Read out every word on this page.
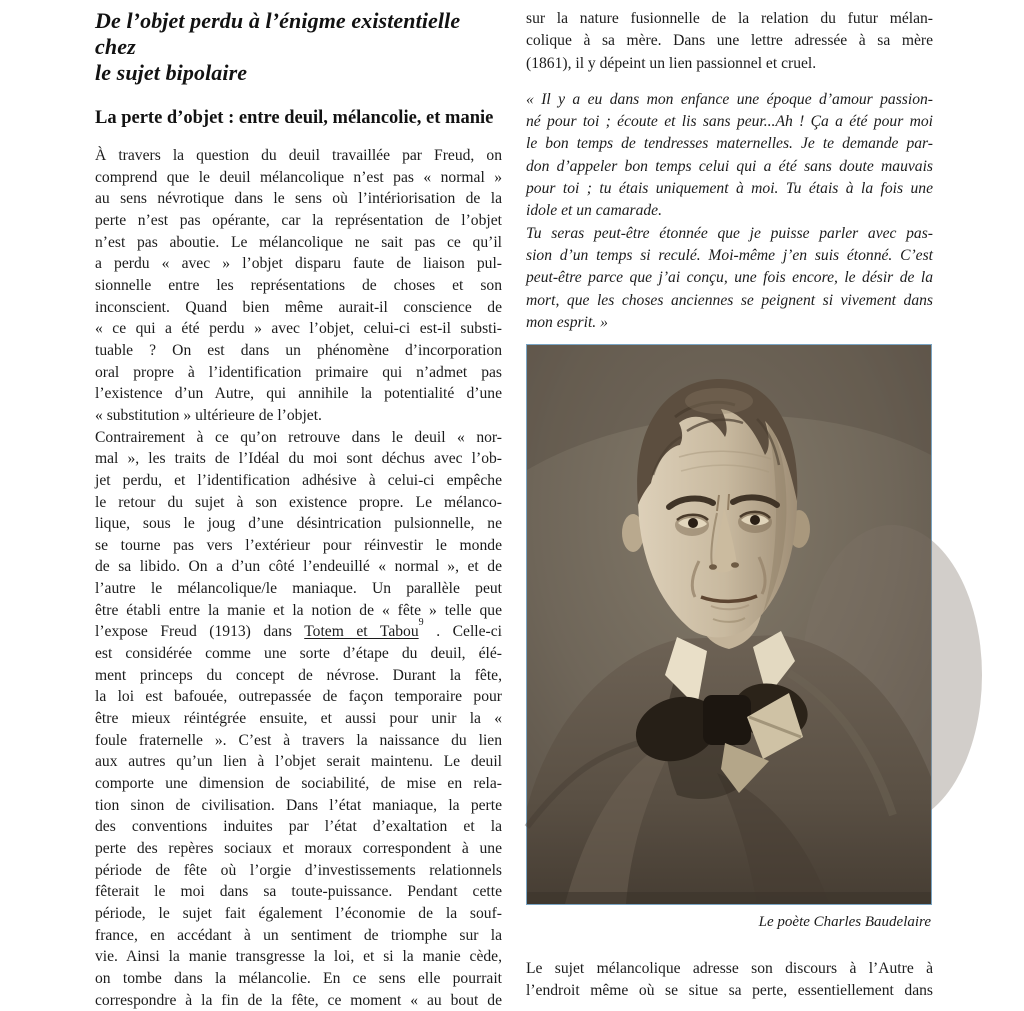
De l’objet perdu à l’énigme existentielle chez
le sujet bipolaire
La perte d’objet : entre deuil, mélancolie, et manie
À travers la question du deuil travaillée par Freud, on
comprend que le deuil mélancolique n’est pas « normal »
au sens névrotique dans le sens où l’intériorisation de la
perte n’est pas opérante, car la représentation de l’objet
n’est pas aboutie. Le mélancolique ne sait pas ce qu’il
a perdu « avec » l’objet disparu faute de liaison pul-
sionnelle entre les représentations de choses et son
inconscient. Quand bien même aurait-il conscience de
« ce qui a été perdu » avec l’objet, celui-ci est-il substi-
tuable ? On est dans un phénomène d’incorporation
oral propre à l’identification primaire qui n’admet pas
l’existence d’un Autre, qui annihile la potentialité d’une
« substitution » ultérieure de l’objet.
Contrairement à ce qu’on retrouve dans le deuil « nor-
mal », les traits de l’Idéal du moi sont déchus avec l’ob-
jet perdu, et l’identification adhésive à celui-ci empêche
le retour du sujet à son existence propre. Le mélanco-
lique, sous le joug d’une désintrication pulsionnelle, ne
se tourne pas vers l’extérieur pour réinvestir le monde
de sa libido. On a d’un côté l’endeuillé « normal », et de
l’autre le mélancolique/le maniaque. Un parallèle peut
être établi entre la manie et la notion de « fête » telle que
l’expose Freud (1913) dans Totem et Tabou$^9$ . Celle-ci
est considérée comme une sorte d’étape du deuil, élé-
ment princeps du concept de névrose. Durant la fête,
la loi est bafouée, outrepassée de façon temporaire pour
être mieux réintégrée ensuite, et aussi pour unir la «
foule fraternelle ». C’est à travers la naissance du lien
aux autres qu’un lien à l’objet serait maintenu. Le deuil
comporte une dimension de sociabilité, de mise en rela-
tion sinon de civilisation. Dans l’état maniaque, la perte
des conventions induites par l’état d’exaltation et la
perte des repères sociaux et moraux correspondent à une
période de fête où l’orgie d’investissements relationnels
fêterait le moi dans sa toute-puissance. Pendant cette
période, le sujet fait également l’économie de la souf-
france, en accédant à un sentiment de triomphe sur la
vie. Ainsi la manie transgresse la loi, et si la manie cède,
on tombe dans la mélancolie. En ce sens elle pourrait
correspondre à la fin de la fête, ce moment « au bout de
sur la nature fusionnelle de la relation du futur mélan-
colique à sa mère. Dans une lettre adressée à sa mère
(1861), il y dépeint un lien passionnel et cruel.
« Il y a eu dans mon enfance une époque d’amour passion-
né pour toi ; écoute et lis sans peur...Ah ! Ça a été pour moi
le bon temps de tendresses maternelles. Je te demande par-
don d’appeler bon temps celui qui a été sans doute mauvais
pour toi ; tu étais uniquement à moi. Tu étais à la fois une
idole et un camarade.
Tu seras peut-être étonnée que je puisse parler avec pas-
sion d’un temps si reculé. Moi-même j’en suis étonné. C’est
peut-être parce que j’ai conçu, une fois encore, le désir de la
mort, que les choses anciennes se peignent si vivement dans
mon esprit. »
Le poète Charles Baudelaire
Le sujet mélancolique adresse son discours à l’Autre à
l’endroit même où se situe sa perte, essentiellement dans
